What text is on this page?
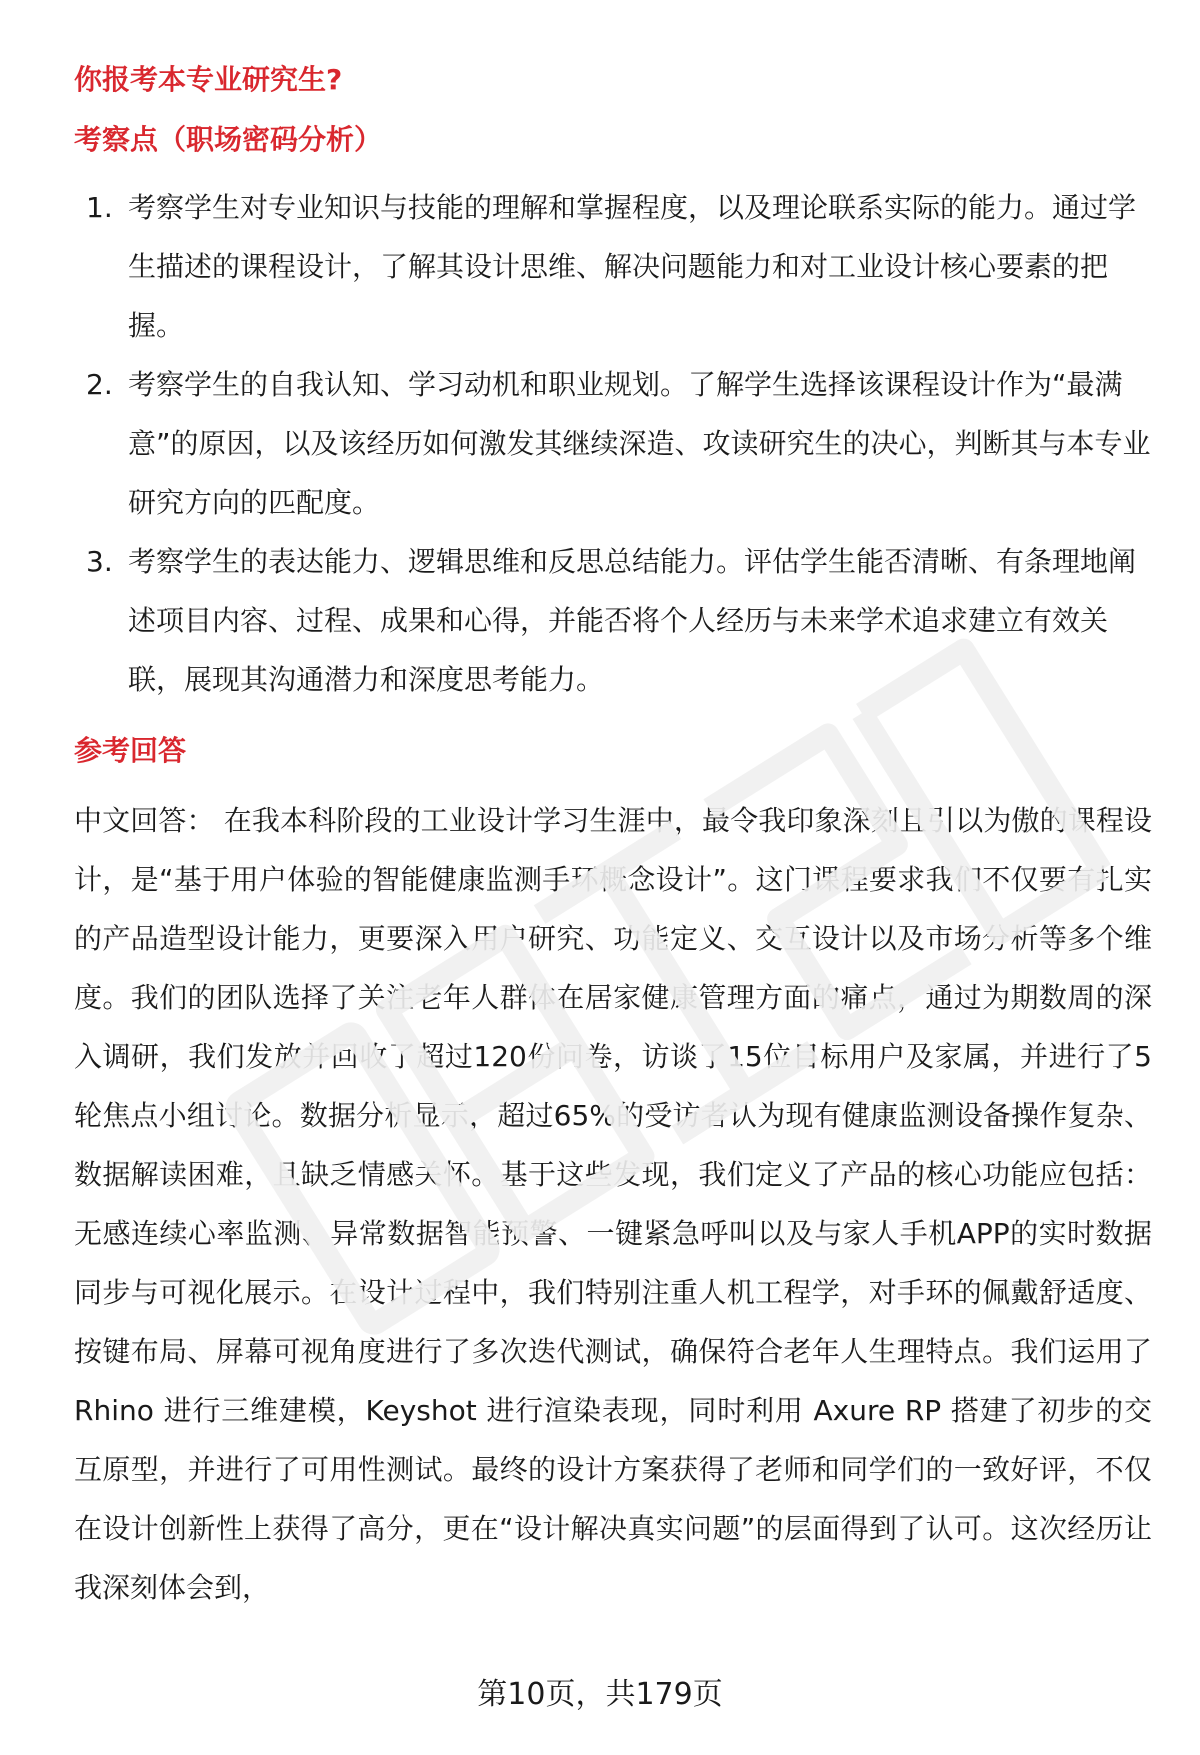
你报考本专业研究生?
考察点（职场密码分析）
1. 考察学生对专业知识与技能的理解和掌握程度，以及理论联系实际的能力。通过学生描述的课程设计，了解其设计思维、解决问题能力和对工业设计核心要素的把握。
2. 考察学生的自我认知、学习动机和职业规划。了解学生选择该课程设计作为“最满意”的原因，以及该经历如何激发其继续深造、攻读研究生的决心，判断其与本专业研究方向的匹配度。
3. 考察学生的表达能力、逻辑思维和反思总结能力。评估学生能否清晰、有条理地阐述项目内容、过程、成果和心得，并能否将个人经历与未来学术追求建立有效关联，展现其沟通潜力和深度思考能力。
参考回答

中文回答： 在我本科阶段的工业设计学习生涯中，最令我印象深刻且引以为傲的课程设计，是“基于用户体验的智能健康监测手环概念设计”。这门课程要求我们不仅要有扎实的产品造型设计能力，更要深入用户研究、功能定义、交互设计以及市场分析等多个维度。我们的团队选择了关注老年人群体在居家健康管理方面的痛点，通过为期数周的深入调研，我们发放并回收了超过120份问卷，访谈了15位目标用户及家属，并进行了5轮焦点小组讨论。数据分析显示，超过65%的受访者认为现有健康监测设备操作复杂、数据解读困难，且缺乏情感关怀。基于这些发现，我们定义了产品的核心功能应包括：无感连续心率监测、异常数据智能预警、一键紧急呼叫以及与家人手机APP的实时数据同步与可视化展示。在设计过程中，我们特别注重人机工程学，对手环的佩戴舒适度、按键布局、屏幕可视角度进行了多次迭代测试，确保符合老年人生理特点。我们运用了 Rhino 进行三维建模，Keyshot 进行渲染表现，同时利用 Axure RP 搭建了初步的交互原型，并进行了可用性测试。最终的设计方案获得了老师和同学们的一致好评，不仅在设计创新性上获得了高分，更在“设计解决真实问题”的层面得到了认可。这次经历让我深刻体会到，

第10页，共179页
